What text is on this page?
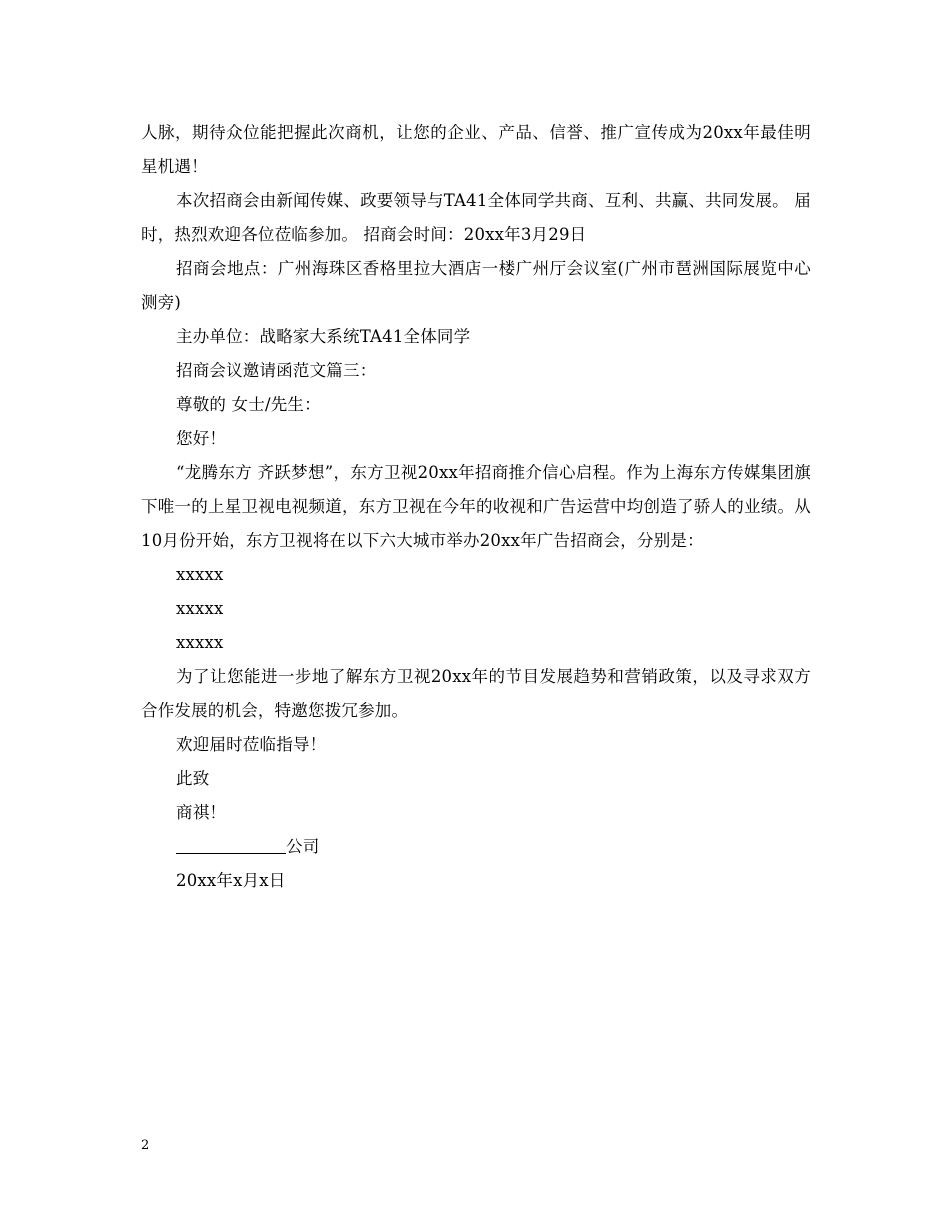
人脉，期待众位能把握此次商机，让您的企业、产品、信誉、推广宣传成为20xx年最佳明星机遇！

本次招商会由新闻传媒、政要领导与TA41全体同学共商、互利、共赢、共同发展。 届时，热烈欢迎各位莅临参加。 招商会时间：20xx年3月29日

招商会地点：广州海珠区香格里拉大酒店一楼广州厅会议室(广州市琶洲国际展览中心测旁)

主办单位：战略家大系统TA41全体同学

招商会议邀请函范文篇三：

尊敬的 女士/先生：

您好！

“龙腾东方 齐跃梦想”，东方卫视20xx年招商推介信心启程。作为上海东方传媒集团旗下唯一的上星卫视电视频道，东方卫视在今年的收视和广告运营中均创造了骄人的业绩。从10月份开始，东方卫视将在以下六大城市举办20xx年广告招商会，分别是：

xxxxx

xxxxx

xxxxx

为了让您能进一步地了解东方卫视20xx年的节目发展趋势和营销政策，以及寻求双方合作发展的机会，特邀您拨冗参加。

欢迎届时莅临指导！

此致

商祺！

公司

20xx年x月x日

2
